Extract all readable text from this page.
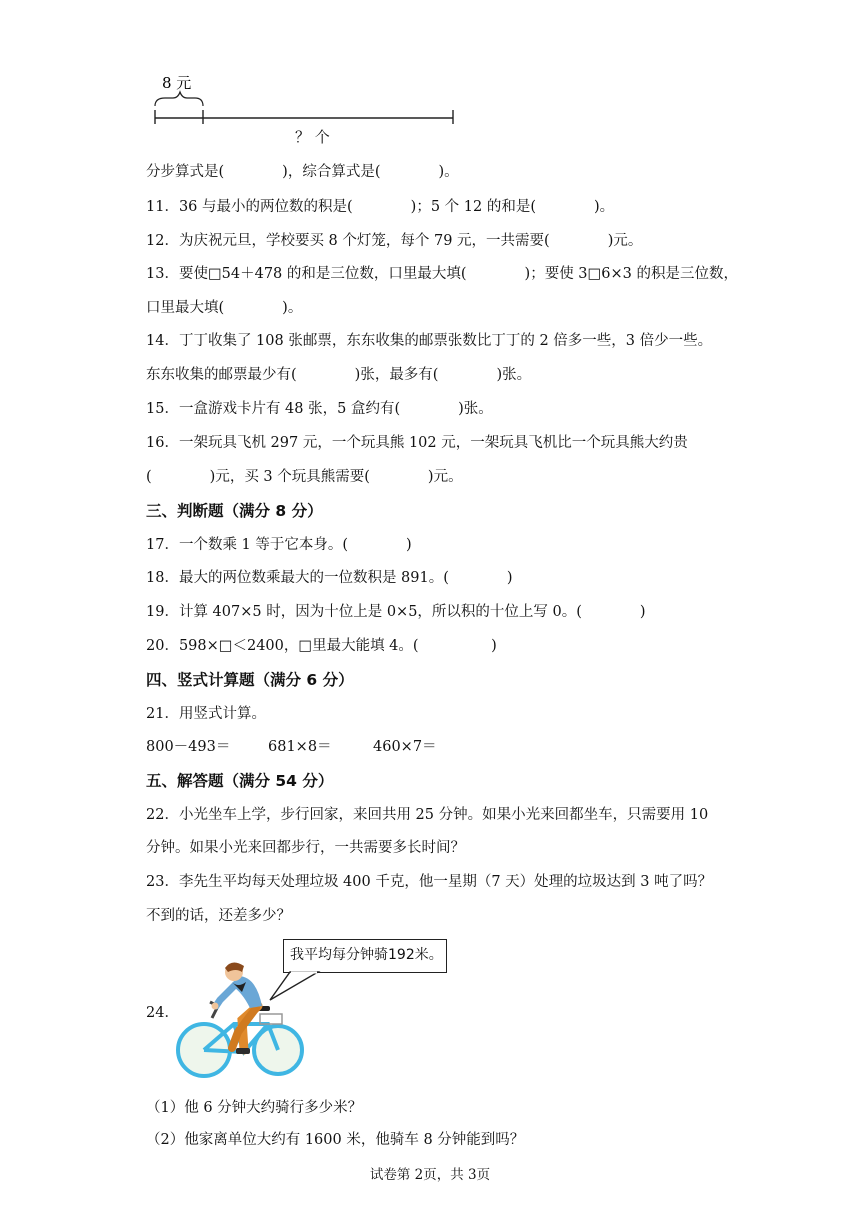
8 元
？ 个
分步算式是(　　　　)，综合算式是(　　　　)。
11．36 与最小的两位数的积是(　　　　)；5 个 12 的和是(　　　　)。
12．为庆祝元旦，学校要买 8 个灯笼，每个 79 元，一共需要(　　　　)元。
13．要使□54＋478 的和是三位数，口里最大填(　　　　)；要使 3□6×3 的积是三位数，
口里最大填(　　　　)。
14．丁丁收集了 108 张邮票，东东收集的邮票张数比丁丁的 2 倍多一些，3 倍少一些。
东东收集的邮票最少有(　　　　)张，最多有(　　　　)张。
15．一盒游戏卡片有 48 张，5 盒约有(　　　　)张。
16．一架玩具飞机 297 元，一个玩具熊 102 元，一架玩具飞机比一个玩具熊大约贵
(　　　　)元，买 3 个玩具熊需要(　　　　)元。
三、判断题（满分 8 分）
17．一个数乘 1 等于它本身。(　　　　)
18．最大的两位数乘最大的一位数积是 891。(　　　　)
19．计算 407×5 时，因为十位上是 0×5，所以积的十位上写 0。(　　　　)
20．598×□＜2400，□里最大能填 4。(　　　　　)
四、竖式计算题（满分 6 分）
21．用竖式计算。
800－493＝	681×8＝	460×7＝
五、解答题（满分 54 分）
22．小光坐车上学，步行回家，来回共用 25 分钟。如果小光来回都坐车，只需要用 10
分钟。如果小光来回都步行，一共需要多长时间？
23．李先生平均每天处理垃圾 400 千克，他一星期（7 天）处理的垃圾达到 3 吨了吗？
不到的话，还差多少？
24．
我平均每分钟骑192米。
（1）他 6 分钟大约骑行多少米？
（2）他家离单位大约有 1600 米，他骑车 8 分钟能到吗？
试卷第 2页，共 3页
